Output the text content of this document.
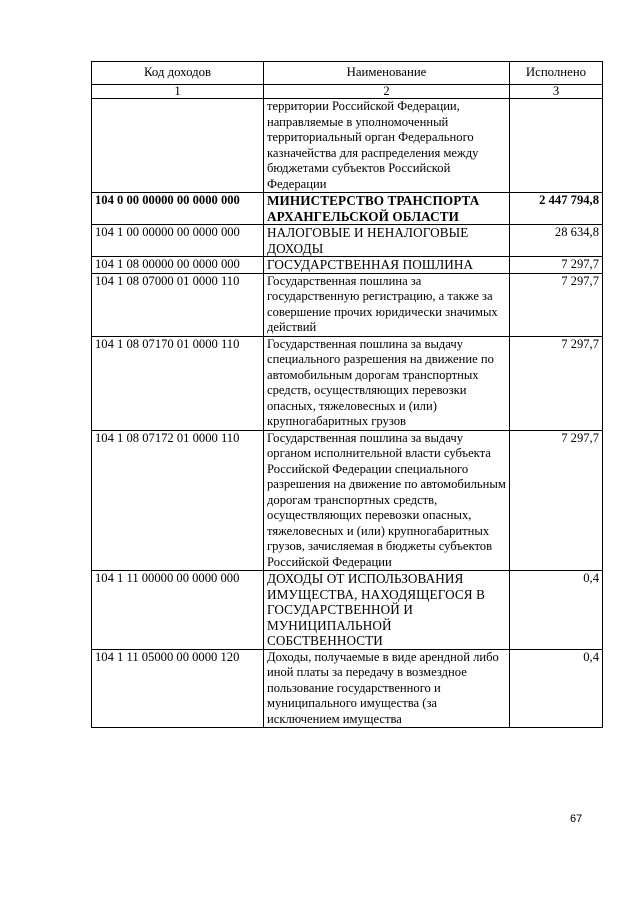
Код доходов	Наименование	Исполнено
1	2	3
	территории Российской Федерации, направляемые в уполномоченный территориальный орган Федерального казначейства для распределения между бюджетами субъектов Российской Федерации	
104 0 00 00000 00 0000 000	МИНИСТЕРСТВО ТРАНСПОРТА АРХАНГЕЛЬСКОЙ ОБЛАСТИ	2 447 794,8
104 1 00 00000 00 0000 000	НАЛОГОВЫЕ И НЕНАЛОГОВЫЕ ДОХОДЫ	28 634,8
104 1 08 00000 00 0000 000	ГОСУДАРСТВЕННАЯ ПОШЛИНА	7 297,7
104 1 08 07000 01 0000 110	Государственная пошлина за государственную регистрацию, а также за совершение прочих юридически значимых действий	7 297,7
104 1 08 07170 01 0000 110	Государственная пошлина за выдачу специального разрешения на движение по автомобильным дорогам транспортных средств, осуществляющих перевозки опасных, тяжеловесных и (или) крупногабаритных грузов	7 297,7
104 1 08 07172 01 0000 110	Государственная пошлина за выдачу органом исполнительной власти субъекта Российской Федерации специального разрешения на движение по автомобильным дорогам транспортных средств, осуществляющих перевозки опасных, тяжеловесных и (или) крупногабаритных грузов, зачисляемая в бюджеты субъектов Российской Федерации	7 297,7
104 1 11 00000 00 0000 000	ДОХОДЫ ОТ ИСПОЛЬЗОВАНИЯ ИМУЩЕСТВА, НАХОДЯЩЕГОСЯ В ГОСУДАРСТВЕННОЙ И МУНИЦИПАЛЬНОЙ СОБСТВЕННОСТИ	0,4
104 1 11 05000 00 0000 120	Доходы, получаемые в виде арендной либо иной платы за передачу в возмездное пользование государственного и муниципального имущества (за исключением имущества	0,4
67
